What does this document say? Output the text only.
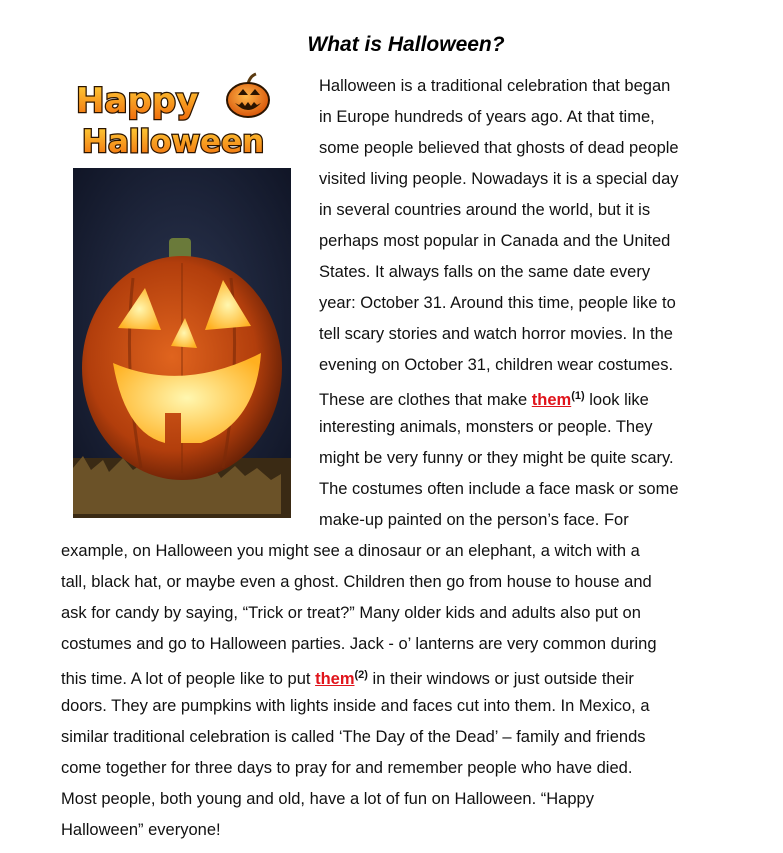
What is Halloween?
Happy
Halloween
Halloween is a traditional celebration that began
in Europe hundreds of years ago. At that time,
some people believed that ghosts of dead people
visited living people. Nowadays it is a special day
in several countries around the world, but it is
perhaps most popular in Canada and the United
States. It always falls on the same date every
year: October 31. Around this time, people like to
tell scary stories and watch horror movies. In the
evening on October 31, children wear costumes.
These are clothes that make them$^{(1)}$ look like
interesting animals, monsters or people. They
might be very funny or they might be quite scary.
The costumes often include a face mask or some
make-up painted on the person’s face. For
example, on Halloween you might see a dinosaur or an elephant, a witch with a
tall, black hat, or maybe even a ghost. Children then go from house to house and
ask for candy by saying, “Trick or treat?” Many older kids and adults also put on
costumes and go to Halloween parties. Jack - o’ lanterns are very common during
this time. A lot of people like to put them$^{(2)}$ in their windows or just outside their
doors. They are pumpkins with lights inside and faces cut into them. In Mexico, a
similar traditional celebration is called ‘The Day of the Dead’ – family and friends
come together for three days to pray for and remember people who have died.
Most people, both young and old, have a lot of fun on Halloween. “Happy
Halloween” everyone!
